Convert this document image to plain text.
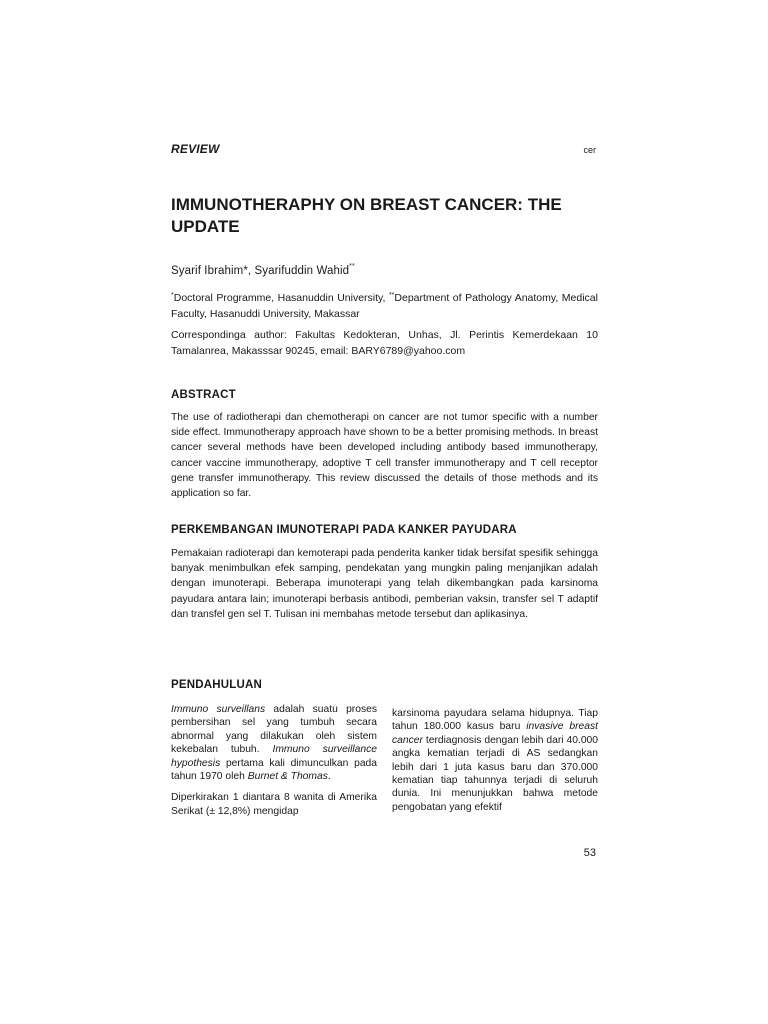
REVIEW	cer
IMMUNOTHERAPHY ON BREAST CANCER: THE UPDATE
Syarif Ibrahim*, Syarifuddin Wahid**
*Doctoral Programme, Hasanuddin University, **Department of Pathology Anatomy, Medical Faculty, Hasanuddi University, Makassar
Correspondinga author: Fakultas Kedokteran, Unhas, Jl. Perintis Kemerdekaan 10 Tamalanrea, Makasssar 90245, email: BARY6789@yahoo.com
ABSTRACT

The use of radiotherapi dan chemotherapi on cancer are not tumor specific with a number side effect. Immunotherapy approach have shown to be a better promising methods. In breast cancer several methods have been developed including antibody based immunotherapy, cancer vaccine immunotherapy, adoptive T cell transfer immunotherapy and T cell receptor gene transfer immunotherapy. This review discussed the details of those methods and its application so far.

PERKEMBANGAN IMUNOTERAPI PADA KANKER PAYUDARA

Pemakaian radioterapi dan kemoterapi pada penderita kanker tidak bersifat spesifik sehingga banyak menimbulkan efek samping, pendekatan yang mungkin paling menjanjikan adalah dengan imunoterapi. Beberapa imunoterapi yang telah dikembangkan pada karsinoma payudara antara lain; imunoterapi berbasis antibodi, pemberian vaksin, transfer sel T adaptif dan transfel gen sel T. Tulisan ini membahas metode tersebut dan aplikasinya.

PENDAHULUAN

Immuno surveillans adalah suatu proses pembersihan sel yang tumbuh secara abnormal yang dilakukan oleh sistem kekebalan tubuh. Immuno surveillance hypothesis pertama kali dimunculkan pada tahun 1970 oleh Burnet & Thomas.

Diperkirakan 1 diantara 8 wanita di Amerika Serikat (± 12,8%) mengidap

karsinoma payudara selama hidupnya. Tiap tahun 180.000 kasus baru invasive breast cancer terdiagnosis dengan lebih dari 40.000 angka kematian terjadi di AS sedangkan lebih dari 1 juta kasus baru dan 370.000 kematian tiap tahunnya terjadi di seluruh dunia. Ini menunjukkan bahwa metode pengobatan yang efektif

53
